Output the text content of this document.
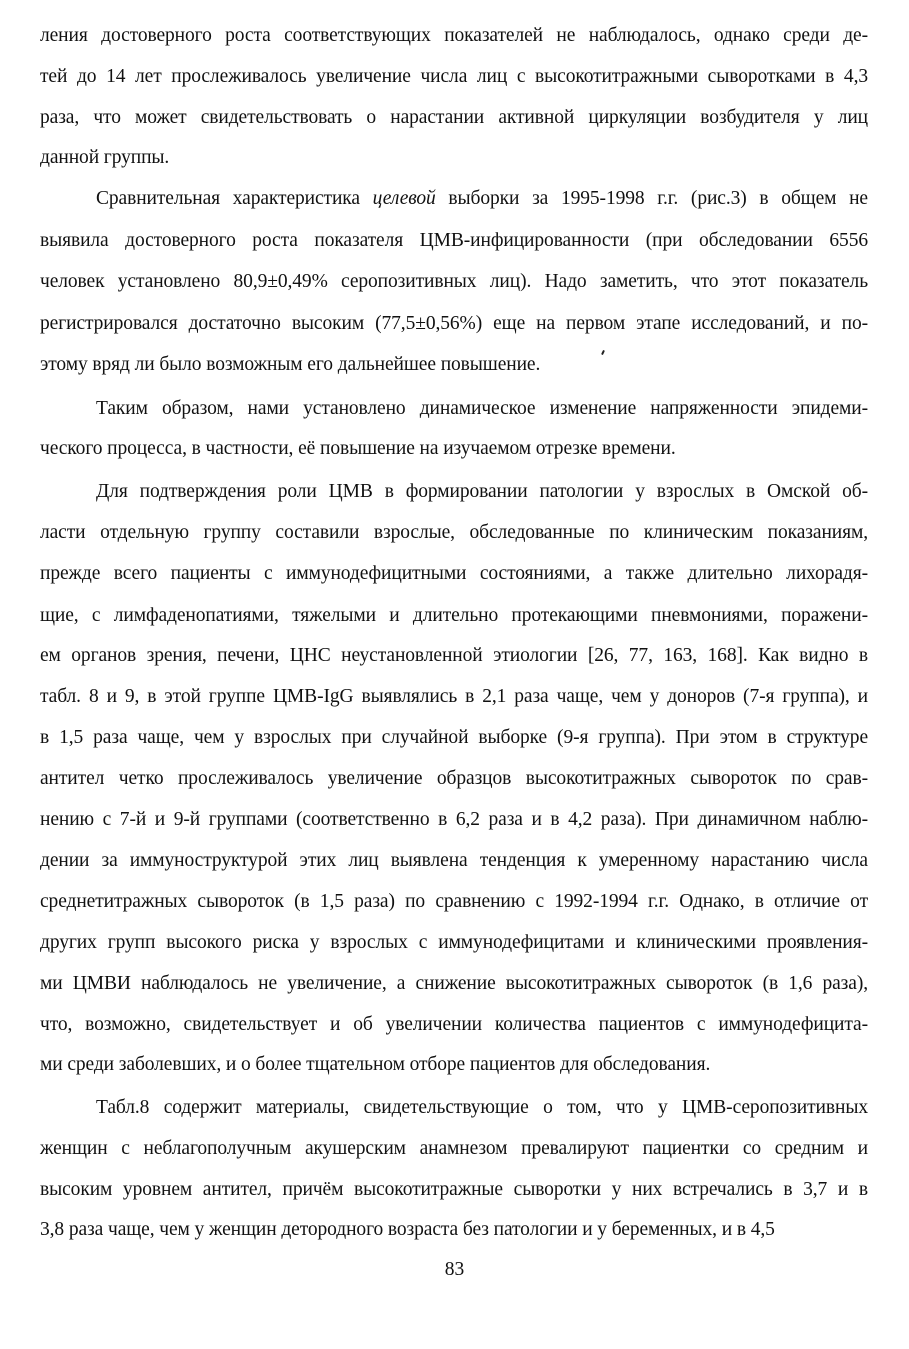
ления достоверного роста соответствующих показателей не наблюдалось, однако среди де-
тей до 14 лет прослеживалось увеличение числа лиц с высокотитражными сыворотками в 4,3
раза, что может свидетельствовать о нарастании активной циркуляции возбудителя у лиц
данной группы.
Сравнительная характеристика целевой выборки за 1995-1998 г.г. (рис.3) в общем не
выявила достоверного роста показателя ЦМВ-инфицированности (при обследовании 6556
человек установлено 80,9±0,49% серопозитивных лиц). Надо заметить, что этот показатель
регистрировался достаточно высоким (77,5±0,56%) еще на первом этапе исследований, и по-
этому вряд ли было возможным его дальнейшее повышение.
Таким образом, нами установлено динамическое изменение напряженности эпидеми-
ческого процесса, в частности, её повышение на изучаемом отрезке времени.
Для подтверждения роли ЦМВ в формировании патологии у взрослых в Омской об-
ласти отдельную группу составили взрослые, обследованные по клиническим показаниям,
прежде всего пациенты с иммунодефицитными состояниями, а также длительно лихорадя-
щие, с лимфаденопатиями, тяжелыми и длительно протекающими пневмониями, поражени-
ем органов зрения, печени, ЦНС неустановленной этиологии [26, 77, 163, 168]. Как видно в
табл. 8 и 9, в этой группе ЦМВ-IgG выявлялись в 2,1 раза чаще, чем у доноров (7-я группа), и
в 1,5 раза чаще, чем у взрослых при случайной выборке (9-я группа). При этом в структуре
антител четко прослеживалось увеличение образцов высокотитражных сывороток по срав-
нению с 7-й и 9-й группами (соответственно в 6,2 раза и в 4,2 раза). При динамичном наблю-
дении за иммуноструктурой этих лиц выявлена тенденция к умеренному нарастанию числа
среднетитражных сывороток (в 1,5 раза) по сравнению с 1992-1994 г.г. Однако, в отличие от
других групп высокого риска у взрослых с иммунодефицитами и клиническими проявления-
ми ЦМВИ наблюдалось не увеличение, а снижение высокотитражных сывороток (в 1,6 раза),
что, возможно, свидетельствует и об увеличении количества пациентов с иммунодефицита-
ми среди заболевших, и о более тщательном отборе пациентов для обследования.
Табл.8 содержит материалы, свидетельствующие о том, что у ЦМВ-серопозитивных
женщин с неблагополучным акушерским анамнезом превалируют пациентки со средним и
высоким уровнем антител, причём высокотитражные сыворотки у них встречались в 3,7 и в
3,8 раза чаще, чем у женщин детородного возраста без патологии и у беременных, и в 4,5
83
